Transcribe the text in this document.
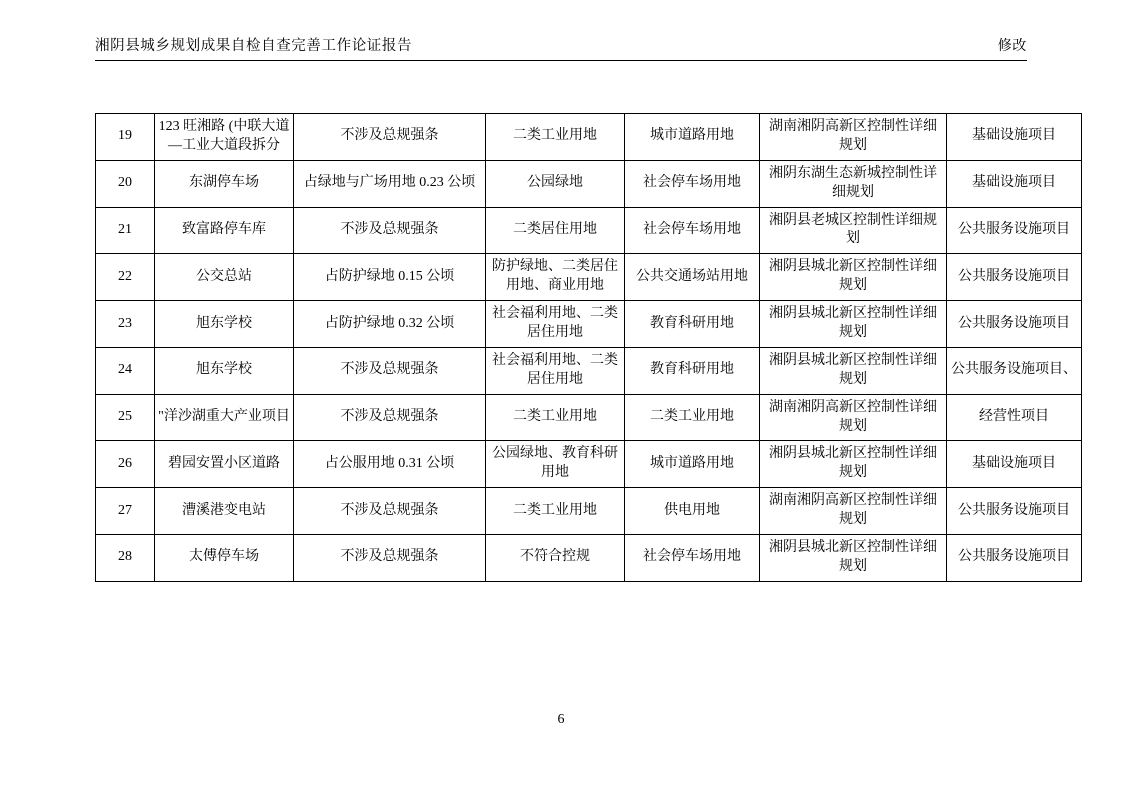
湘阴县城乡规划成果自检自查完善工作论证报告	修改
19	123 旺湘路 (中联大道—工业大道段拆分	不涉及总规强条	二类工业用地	城市道路用地	湖南湘阴高新区控制性详细规划	基础设施项目
20	东湖停车场	占绿地与广场用地 0.23 公顷	公园绿地	社会停车场用地	湘阴东湖生态新城控制性详细规划	基础设施项目
21	致富路停车库	不涉及总规强条	二类居住用地	社会停车场用地	湘阴县老城区控制性详细规划	公共服务设施项目
22	公交总站	占防护绿地 0.15 公顷	防护绿地、二类居住用地、商业用地	公共交通场站用地	湘阴县城北新区控制性详细规划	公共服务设施项目
23	旭东学校	占防护绿地 0.32 公顷	社会福利用地、二类居住用地	教育科研用地	湘阴县城北新区控制性详细规划	公共服务设施项目
24	旭东学校	不涉及总规强条	社会福利用地、二类居住用地	教育科研用地	湘阴县城北新区控制性详细规划	公共服务设施项目、
25	"洋沙湖重大产业项目	不涉及总规强条	二类工业用地	二类工业用地	湖南湘阴高新区控制性详细规划	经营性项目
26	碧园安置小区道路	占公服用地 0.31 公顷	公园绿地、教育科研用地	城市道路用地	湘阴县城北新区控制性详细规划	基础设施项目
27	漕溪港变电站	不涉及总规强条	二类工业用地	供电用地	湖南湘阴高新区控制性详细规划	公共服务设施项目
28	太傅停车场	不涉及总规强条	不符合控规	社会停车场用地	湘阴县城北新区控制性详细规划	公共服务设施项目
6
